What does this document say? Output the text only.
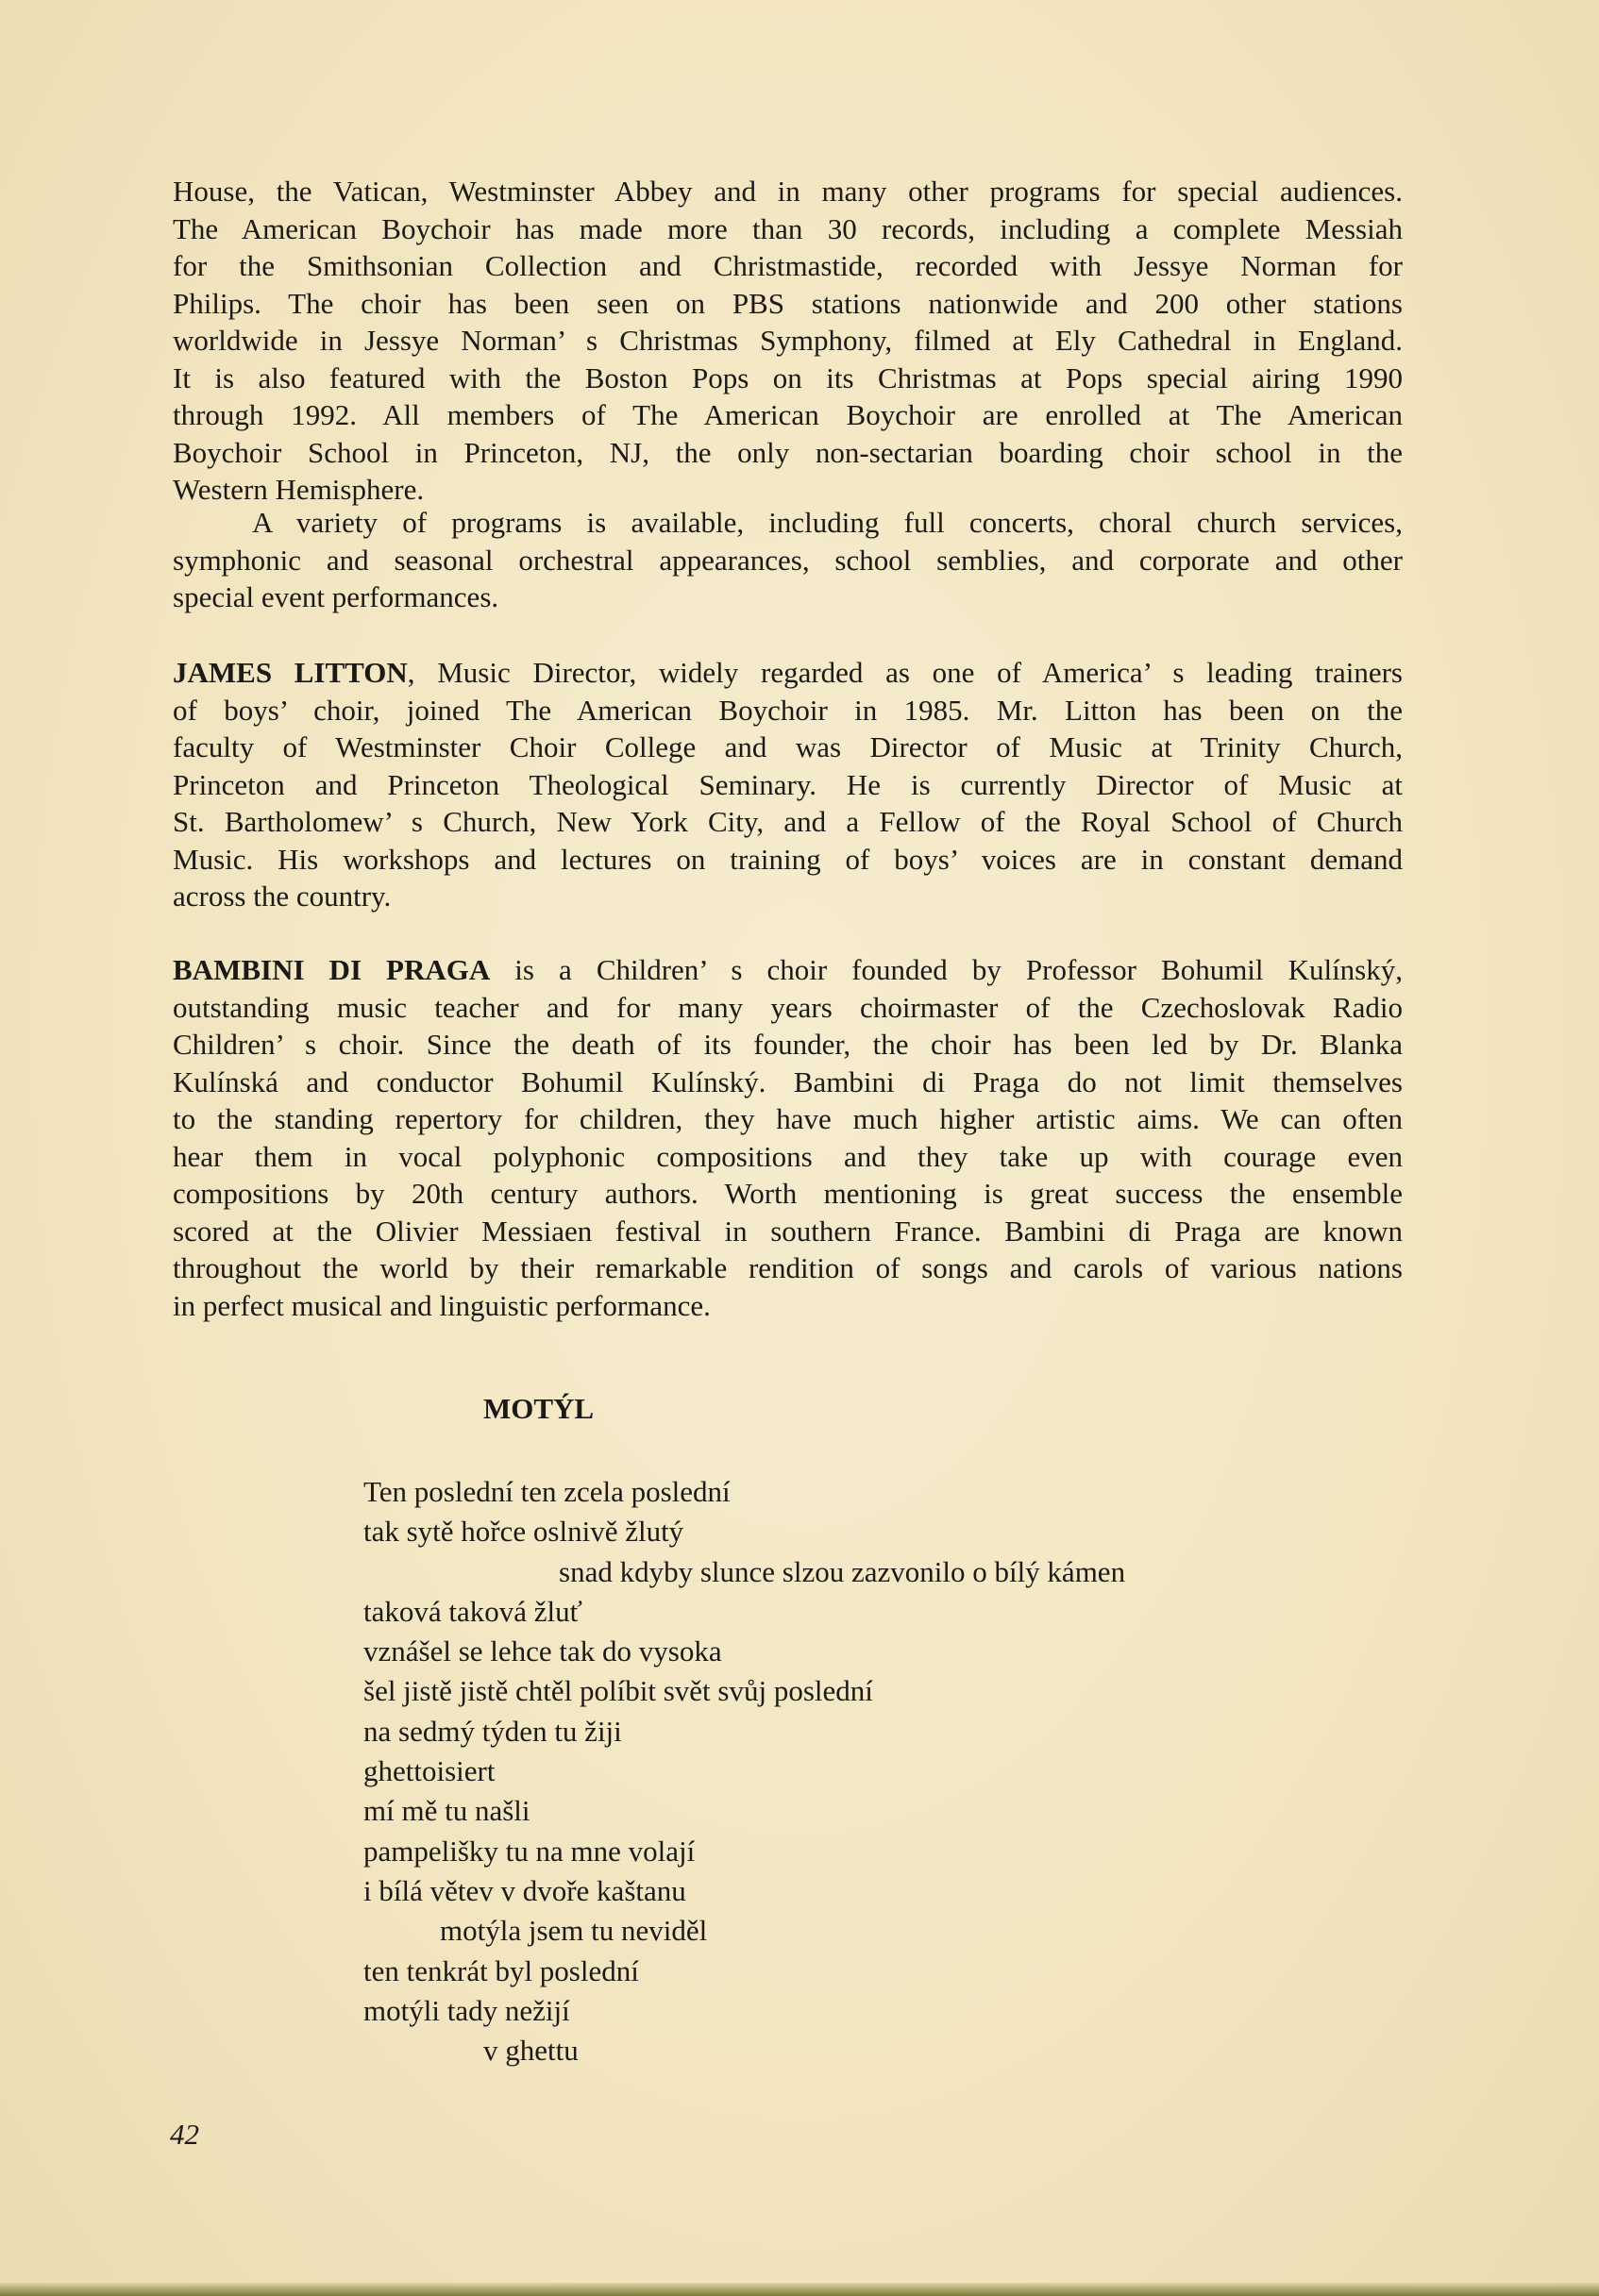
House, the Vatican, Westminster Abbey and in many other programs for special audiences.
The American Boychoir has made more than 30 records, including a complete Messiah
for the Smithsonian Collection and Christmastide, recorded with Jessye Norman for
Philips. The choir has been seen on PBS stations nationwide and 200 other stations
worldwide in Jessye Norman’ s Christmas Symphony, filmed at Ely Cathedral in England.
It is also featured with the Boston Pops on its Christmas at Pops special airing 1990
through 1992. All members of The American Boychoir are enrolled at The American
Boychoir School in Princeton, NJ, the only non-sectarian boarding choir school in the
Western Hemisphere.
A variety of programs is available, including full concerts, choral church services,
symphonic and seasonal orchestral appearances, school semblies, and corporate and other
special event performances.
JAMES LITTON, Music Director, widely regarded as one of America’ s leading trainers
of boys’ choir, joined The American Boychoir in 1985. Mr. Litton has been on the
faculty of Westminster Choir College and was Director of Music at Trinity Church,
Princeton and Princeton Theological Seminary. He is currently Director of Music at
St. Bartholomew’ s Church, New York City, and a Fellow of the Royal School of Church
Music. His workshops and lectures on training of boys’ voices are in constant demand
across the country.
BAMBINI DI PRAGA is a Children’ s choir founded by Professor Bohumil Kulínský,
outstanding music teacher and for many years choirmaster of the Czechoslovak Radio
Children’ s choir. Since the death of its founder, the choir has been led by Dr. Blanka
Kulínská and conductor Bohumil Kulínský. Bambini di Praga do not limit themselves
to the standing repertory for children, they have much higher artistic aims. We can often
hear them in vocal polyphonic compositions and they take up with courage even
compositions by 20th century authors. Worth mentioning is great success the ensemble
scored at the Olivier Messiaen festival in southern France. Bambini di Praga are known
throughout the world by their remarkable rendition of songs and carols of various nations
in perfect musical and linguistic performance.
MOTÝL
Ten poslední ten zcela poslední
tak sytě hořce oslnivě žlutý
snad kdyby slunce slzou zazvonilo o bílý kámen
taková taková žluť
vznášel se lehce tak do vysoka
šel jistě jistě chtěl políbit svět svůj poslední
na sedmý týden tu žiji
ghettoisiert
mí mě tu našli
pampelišky tu na mne volají
i bílá větev v dvoře kaštanu
motýla jsem tu neviděl
ten tenkrát byl poslední
motýli tady nežijí
v ghettu

42
